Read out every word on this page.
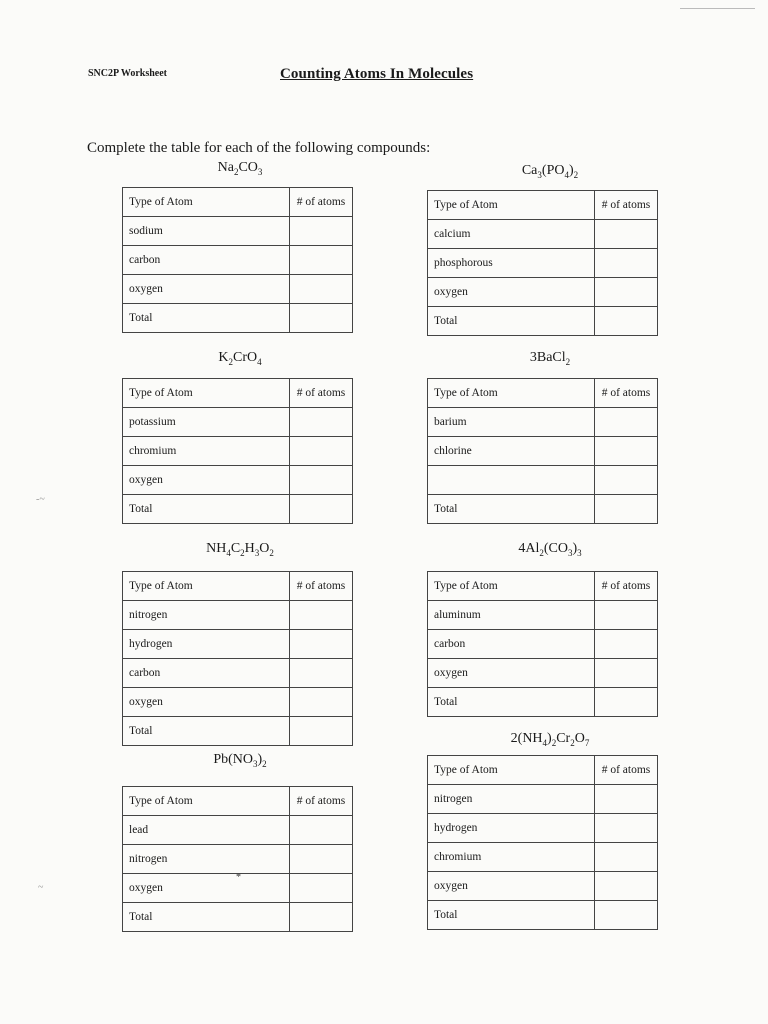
SNC2P Worksheet	Counting Atoms In Molecules
Complete the table for each of the following compounds:
-~
~
*
$Na_2CO_3$
Type of Atom	# of atoms
sodium	
carbon	
oxygen	
Total	
$Ca_3(PO_4)_2$
Type of Atom	# of atoms
calcium	
phosphorous	
oxygen	
Total	
$K_2CrO_4$
Type of Atom	# of atoms
potassium	
chromium	
oxygen	
Total	
3BaCl$_2$
Type of Atom	# of atoms
barium	
chlorine	

Total	
$NH_4C_2H_3O_2$
Type of Atom	# of atoms
nitrogen	
hydrogen	
carbon	
oxygen	
Total	
$4Al_2(CO_3)_3$
Type of Atom	# of atoms
aluminum	
carbon	
oxygen	
Total	
$Pb(NO_3)_2$
Type of Atom	# of atoms
lead	
nitrogen	
oxygen	
Total	
$2(NH_4)_2Cr_2O_7$
Type of Atom	# of atoms
nitrogen	
hydrogen	
chromium	
oxygen	
Total	
